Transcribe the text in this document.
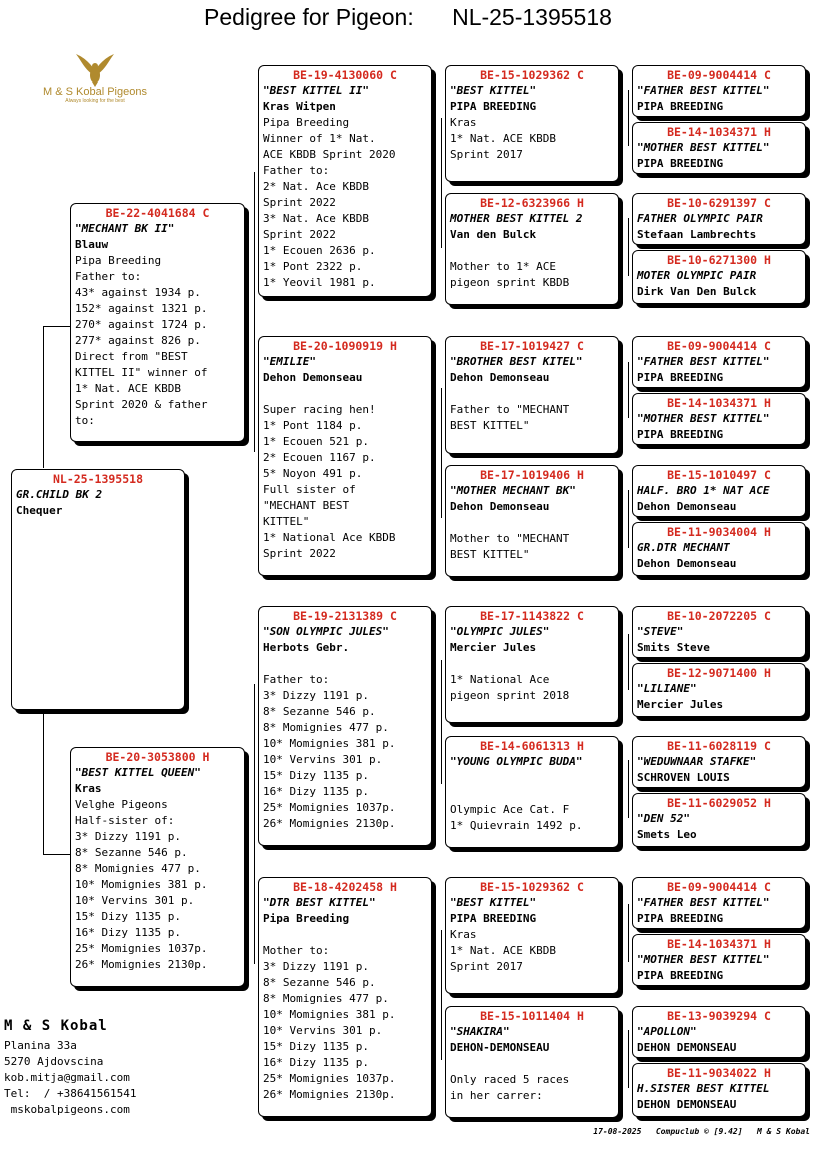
Pedigree for Pigeon:      NL-25-1395518
M & S Kobal Pigeons
Always looking for the best
NL-25-1395518
GR.CHILD BK 2
Chequer
BE-22-4041684 C
"MECHANT BK II"
Blauw
Pipa Breeding
Father to:
43* against 1934 p.
152* against 1321 p.
270* against 1724 p.
277* against 826 p.
Direct from "BEST
KITTEL II" winner of
1* Nat. ACE KBDB
Sprint 2020 & father
to:
BE-20-3053800 H
"BEST KITTEL QUEEN"
Kras
Velghe Pigeons
Half-sister of:
3* Dizzy 1191 p.
8* Sezanne 546 p.
8* Momignies 477 p.
10* Momignies 381 p.
10* Vervins 301 p.
15* Dizy 1135 p.
16* Dizy 1135 p.
25* Momignies 1037p.
26* Momignies 2130p.
BE-19-4130060 C
"BEST KITTEL II"
Kras Witpen
Pipa Breeding
Winner of 1* Nat.
ACE KBDB Sprint 2020
Father to:
2* Nat. Ace KBDB
Sprint 2022
3* Nat. Ace KBDB
Sprint 2022
1* Ecouen 2636 p.
1* Pont 2322 p.
1* Yeovil 1981 p.
BE-20-1090919 H
"EMILIE"
Dehon Demonseau

Super racing hen!
1* Pont 1184 p.
1* Ecouen 521 p.
2* Ecouen 1167 p.
5* Noyon 491 p.
Full sister of
"MECHANT BEST
KITTEL"
1* National Ace KBDB
Sprint 2022
BE-19-2131389 C
"SON OLYMPIC JULES"
Herbots Gebr.

Father to:
3* Dizzy 1191 p.
8* Sezanne 546 p.
8* Momignies 477 p.
10* Momignies 381 p.
10* Vervins 301 p.
15* Dizy 1135 p.
16* Dizy 1135 p.
25* Momignies 1037p.
26* Momignies 2130p.
BE-18-4202458 H
"DTR BEST KITTEL"
Pipa Breeding

Mother to:
3* Dizzy 1191 p.
8* Sezanne 546 p.
8* Momignies 477 p.
10* Momignies 381 p.
10* Vervins 301 p.
15* Dizy 1135 p.
16* Dizy 1135 p.
25* Momignies 1037p.
26* Momignies 2130p.
BE-15-1029362 C
"BEST KITTEL"
PIPA BREEDING
Kras
1* Nat. ACE KBDB
Sprint 2017
BE-12-6323966 H
MOTHER BEST KITTEL 2
Van den Bulck

Mother to 1* ACE
pigeon sprint KBDB
BE-17-1019427 C
"BROTHER BEST KITEL"
Dehon Demonseau

Father to "MECHANT
BEST KITTEL"
BE-17-1019406 H
"MOTHER MECHANT BK"
Dehon Demonseau

Mother to "MECHANT
BEST KITTEL"
BE-17-1143822 C
"OLYMPIC JULES"
Mercier Jules

1* National Ace
pigeon sprint 2018
BE-14-6061313 H
"YOUNG OLYMPIC BUDA"

Olympic Ace Cat. F
1* Quievrain 1492 p.
BE-15-1029362 C
"BEST KITTEL"
PIPA BREEDING
Kras
1* Nat. ACE KBDB
Sprint 2017
BE-15-1011404 H
"SHAKIRA"
DEHON-DEMONSEAU

Only raced 5 races
in her carrer:
BE-09-9004414 C
"FATHER BEST KITTEL"
PIPA BREEDING
BE-14-1034371 H
"MOTHER BEST KITTEL"
PIPA BREEDING
BE-10-6291397 C
FATHER OLYMPIC PAIR
Stefaan Lambrechts
BE-10-6271300 H
MOTER OLYMPIC PAIR
Dirk Van Den Bulck
BE-09-9004414 C
"FATHER BEST KITTEL"
PIPA BREEDING
BE-14-1034371 H
"MOTHER BEST KITTEL"
PIPA BREEDING
BE-15-1010497 C
HALF. BRO 1* NAT ACE
Dehon Demonseau
BE-11-9034004 H
GR.DTR MECHANT
Dehon Demonseau
BE-10-2072205 C
"STEVE"
Smits Steve
BE-12-9071400 H
"LILIANE"
Mercier Jules
BE-11-6028119 C
"WEDUWNAAR STAFKE"
SCHROVEN LOUIS
BE-11-6029052 H
"DEN 52"
Smets Leo
BE-09-9004414 C
"FATHER BEST KITTEL"
PIPA BREEDING
BE-14-1034371 H
"MOTHER BEST KITTEL"
PIPA BREEDING
BE-13-9039294 C
"APOLLON"
DEHON DEMONSEAU
BE-11-9034022 H
H.SISTER BEST KITTEL
DEHON DEMONSEAU
M & S Kobal
Planina 33a
5270 Ajdovscina
kob.mitja@gmail.com
Tel:  / +38641561541
mskobalpigeons.com
17-08-2025   Compuclub © [9.42]   M & S Kobal
